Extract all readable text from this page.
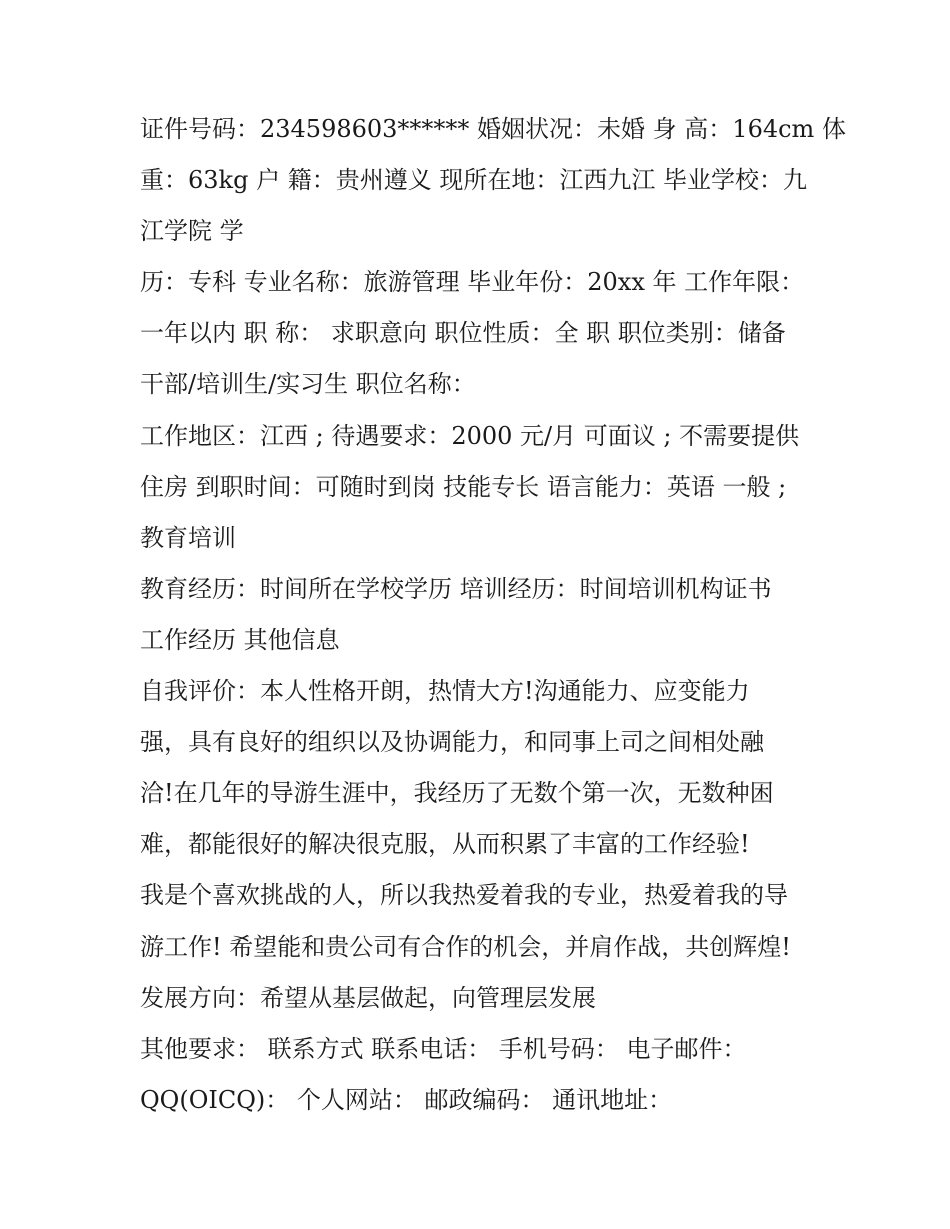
证件号码：234598603****** 婚姻状况：未婚 身 高：164cm 体
重：63kg 户 籍：贵州遵义 现所在地：江西九江 毕业学校：九
江学院 学
历：专科 专业名称：旅游管理 毕业年份：20xx 年 工作年限：
一年以内 职 称： 求职意向 职位性质：全 职 职位类别：储备
干部/培训生/实习生 职位名称：
工作地区：江西 ; 待遇要求：2000 元/月 可面议 ; 不需要提供
住房 到职时间：可随时到岗 技能专长 语言能力：英语 一般 ;
教育培训
教育经历：时间所在学校学历 培训经历：时间培训机构证书
工作经历 其他信息
自我评价：本人性格开朗，热情大方!沟通能力、应变能力
强，具有良好的组织以及协调能力，和同事上司之间相处融
洽!在几年的导游生涯中，我经历了无数个第一次，无数种困
难，都能很好的解决很克服，从而积累了丰富的工作经验!
我是个喜欢挑战的人，所以我热爱着我的专业，热爱着我的导
游工作! 希望能和贵公司有合作的机会，并肩作战，共创辉煌!
发展方向：希望从基层做起，向管理层发展
其他要求： 联系方式 联系电话： 手机号码： 电子邮件：
QQ(OICQ)： 个人网站： 邮政编码： 通讯地址：
